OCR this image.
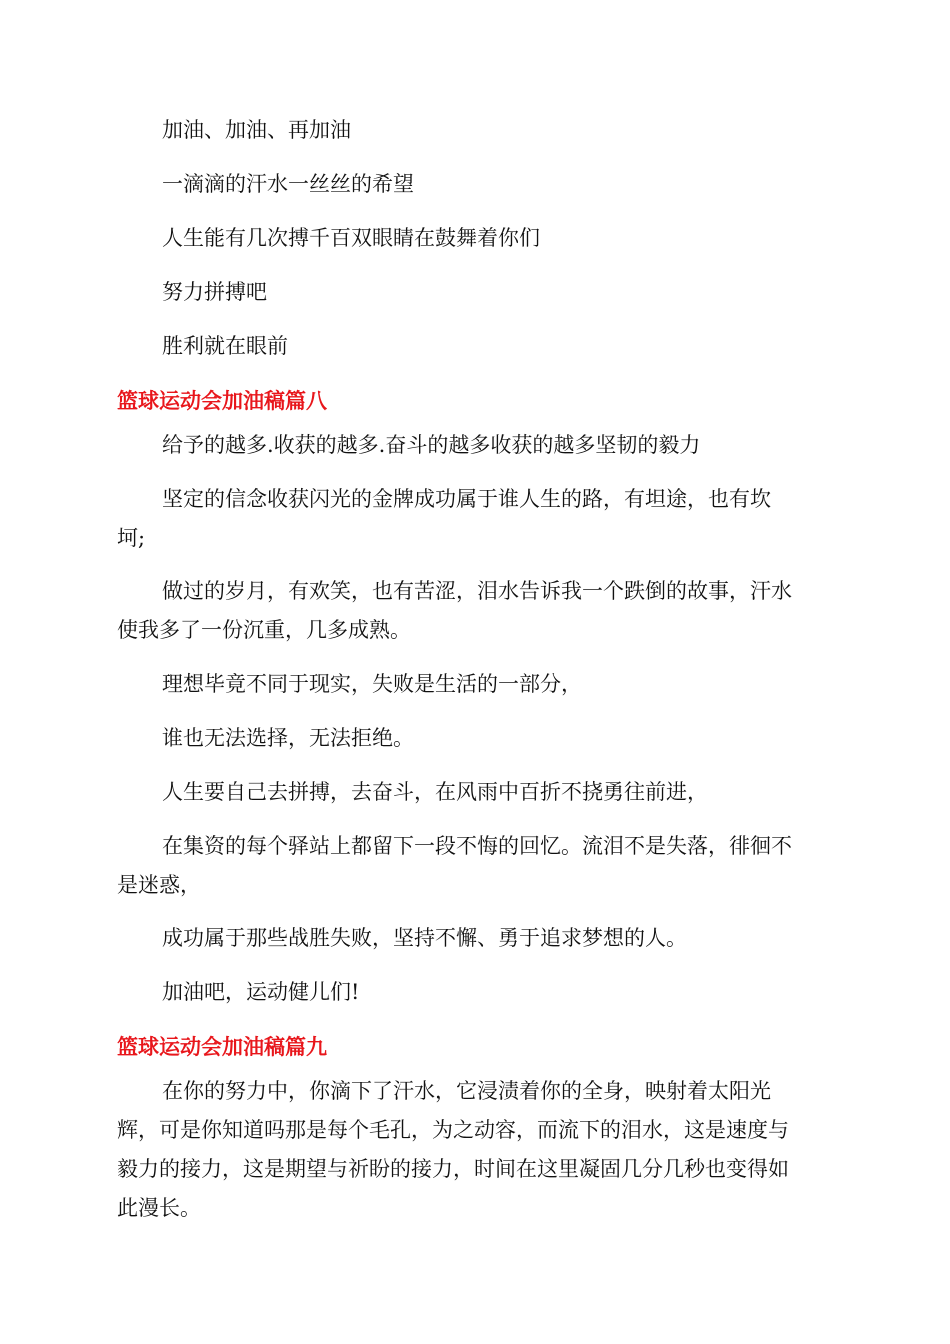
加油、加油、再加油
一滴滴的汗水一丝丝的希望
人生能有几次搏千百双眼睛在鼓舞着你们
努力拼搏吧
胜利就在眼前
篮球运动会加油稿篇八
给予的越多.收获的越多.奋斗的越多收获的越多坚韧的毅力
坚定的信念收获闪光的金牌成功属于谁人生的路，有坦途，也有坎
坷;
做过的岁月，有欢笑，也有苦涩，泪水告诉我一个跌倒的故事，汗水
使我多了一份沉重，几多成熟。
理想毕竟不同于现实，失败是生活的一部分，
谁也无法选择，无法拒绝。
人生要自己去拼搏，去奋斗，在风雨中百折不挠勇往前进，
在集资的每个驿站上都留下一段不悔的回忆。流泪不是失落，徘徊不
是迷惑，
成功属于那些战胜失败，坚持不懈、勇于追求梦想的人。
加油吧，运动健儿们!
篮球运动会加油稿篇九
在你的努力中，你滴下了汗水，它浸渍着你的全身，映射着太阳光
辉，可是你知道吗那是每个毛孔，为之动容，而流下的泪水，这是速度与
毅力的接力，这是期望与祈盼的接力，时间在这里凝固几分几秒也变得如
此漫长。
